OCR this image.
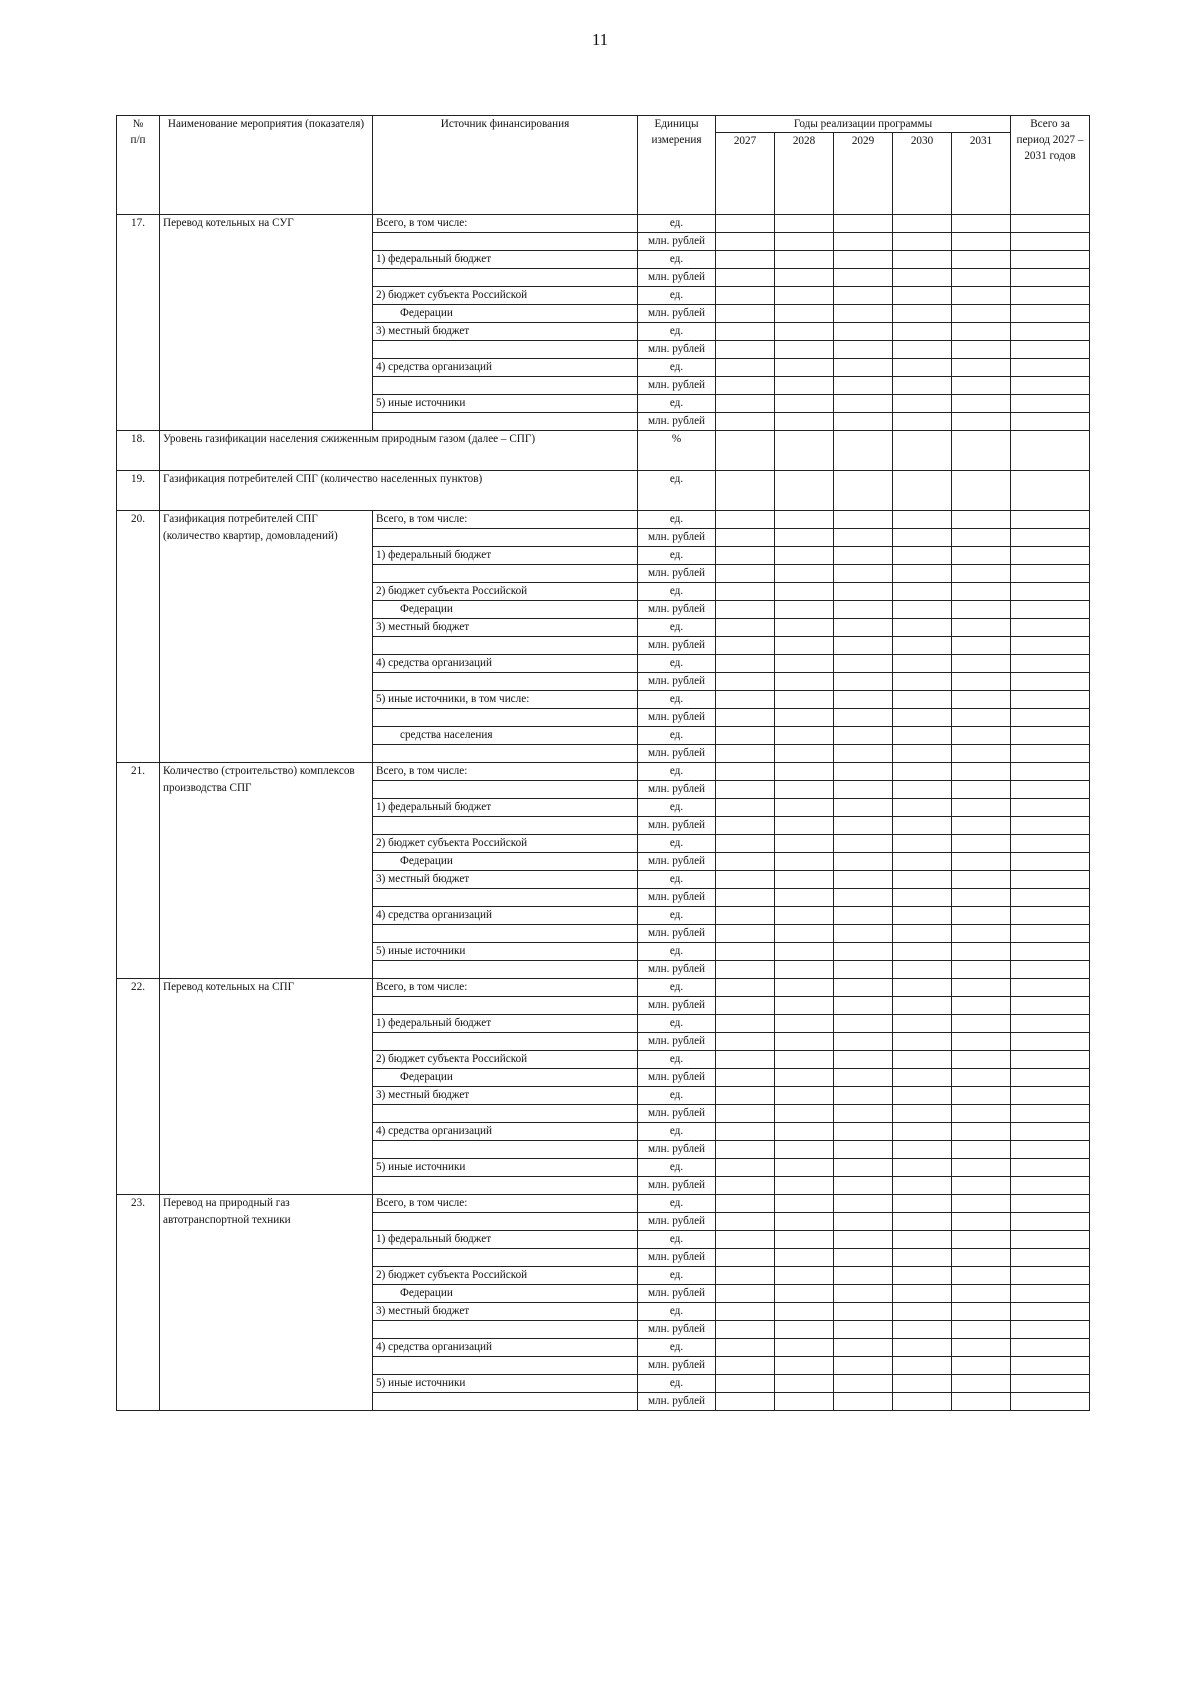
11
№
п/п	Наименование мероприятия (показателя)	Источник финансирования	Единицы измерения	Годы реализации программы					Всего за период 2027 – 2031 годов
				2027	2028	2029	2030	2031	
17.	Перевод котельных на СУГ	Всего, в том числе:	ед.						
			млн. рублей						
		1) федеральный бюджет	ед.						
			млн. рублей						
		2) бюджет субъекта Российской	ед.						
		Федерации	млн. рублей						
		3) местный бюджет	ед.						
			млн. рублей						
		4) средства организаций	ед.						
			млн. рублей						
		5) иные источники	ед.						
			млн. рублей						
18.	Уровень газификации населения сжиженным природным газом (далее – СПГ)		%						
19.	Газификация потребителей СПГ (количество населенных пунктов)		ед.						
20.	Газификация потребителей СПГ (количество квартир, домовладений)	Всего, в том числе:	ед.						
			млн. рублей						
		1) федеральный бюджет	ед.						
			млн. рублей						
		2) бюджет субъекта Российской	ед.						
		Федерации	млн. рублей						
		3) местный бюджет	ед.						
			млн. рублей						
		4) средства организаций	ед.						
			млн. рублей						
		5) иные источники, в том числе:	ед.						
			млн. рублей						
		средства населения	ед.						
			млн. рублей						
21.	Количество (строительство) комплексов производства СПГ	Всего, в том числе:	ед.						
			млн. рублей						
		1) федеральный бюджет	ед.						
			млн. рублей						
		2) бюджет субъекта Российской	ед.						
		Федерации	млн. рублей						
		3) местный бюджет	ед.						
			млн. рублей						
		4) средства организаций	ед.						
			млн. рублей						
		5) иные источники	ед.						
			млн. рублей						
22.	Перевод котельных на СПГ	Всего, в том числе:	ед.						
			млн. рублей						
		1) федеральный бюджет	ед.						
			млн. рублей						
		2) бюджет субъекта Российской	ед.						
		Федерации	млн. рублей						
		3) местный бюджет	ед.						
			млн. рублей						
		4) средства организаций	ед.						
			млн. рублей						
		5) иные источники	ед.						
			млн. рублей						
23.	Перевод на природный газ автотранспортной техники	Всего, в том числе:	ед.						
			млн. рублей						
		1) федеральный бюджет	ед.						
			млн. рублей						
		2) бюджет субъекта Российской	ед.						
		Федерации	млн. рублей						
		3) местный бюджет	ед.						
			млн. рублей						
		4) средства организаций	ед.						
			млн. рублей						
		5) иные источники	ед.						
			млн. рублей						
